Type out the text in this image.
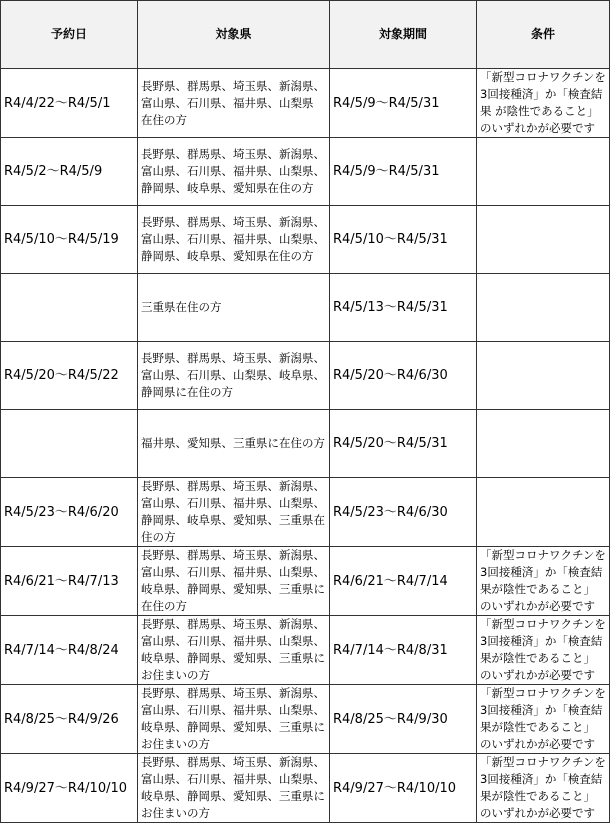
予約日	対象県	対象期間	条件
R4/4/22～R4/5/1	長野県、群馬県、埼玉県、新潟県、富山県、石川県、福井県、山梨県　在住の方	R4/5/9～R4/5/31	「新型コロナワクチンを3回接種済」か「検査結果 が陰性であること」のいずれかが必要です
R4/5/2～R4/5/9	長野県、群馬県、埼玉県、新潟県、富山県、石川県、福井県、山梨県、静岡県、岐阜県、愛知県在住の方	R4/5/9～R4/5/31	
R4/5/10～R4/5/19	長野県、群馬県、埼玉県、新潟県、富山県、石川県、福井県、山梨県、静岡県、岐阜県、愛知県在住の方	R4/5/10～R4/5/31	
	三重県在住の方	R4/5/13～R4/5/31	
R4/5/20～R4/5/22	長野県、群馬県、埼玉県、新潟県、富山県、石川県、山梨県、岐阜県、静岡県に在住の方	R4/5/20～R4/6/30	
	福井県、愛知県、三重県に在住の方	R4/5/20～R4/5/31	
R4/5/23～R4/6/20	長野県、群馬県、埼玉県、新潟県、富山県、石川県、福井県、山梨県、静岡県、岐阜県、愛知県、三重県在住の方	R4/5/23～R4/6/30	
R4/6/21～R4/7/13	長野県、群馬県、埼玉県、新潟県、富山県、石川県、福井県、山梨県、岐阜県、静岡県、愛知県、三重県に在住の方	R4/6/21～R4/7/14	「新型コロナワクチンを3回接種済」か「検査結果が陰性であること」のいずれかが必要です
R4/7/14～R4/8/24	長野県、群馬県、埼玉県、新潟県、富山県、石川県、福井県、山梨県、岐阜県、静岡県、愛知県、三重県にお住まいの方	R4/7/14～R4/8/31	「新型コロナワクチンを3回接種済」か「検査結果が陰性であること」のいずれかが必要です
R4/8/25～R4/9/26	長野県、群馬県、埼玉県、新潟県、富山県、石川県、福井県、山梨県、岐阜県、静岡県、愛知県、三重県にお住まいの方	R4/8/25～R4/9/30	「新型コロナワクチンを3回接種済」か「検査結果が陰性であること」のいずれかが必要です
R4/9/27～R4/10/10	長野県、群馬県、埼玉県、新潟県、富山県、石川県、福井県、山梨県、岐阜県、静岡県、愛知県、三重県にお住まいの方	R4/9/27～R4/10/10	「新型コロナワクチンを3回接種済」か「検査結果が陰性であること」のいずれかが必要です
